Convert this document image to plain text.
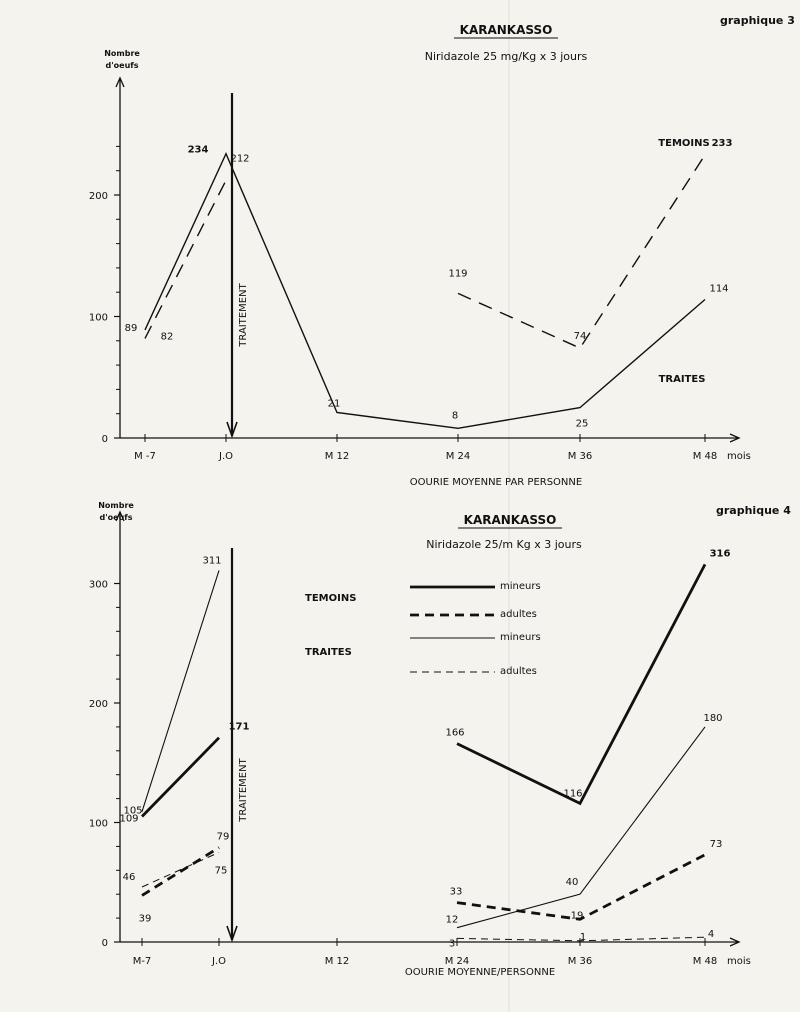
graphique 3
KARANKASSO
Niridazole 25 mg/Kg x 3 jours
Nombre
d'oeufs
0
100
200
M -7	J.O	M 12	M 24	M 36	M 48 mois
OOURIE MOYENNE PAR PERSONNE
TRAITEMENT
82
212
119
74
233
89
234
21
8
25
114
TEMOINS
TRAITES
graphique 4
KARANKASSO
Niridazole 25/m Kg x 3 jours
Nombre
d'oeufs
0
100
200
300
M-7	J.O	M 12	M 24	M 36	M 48 mois
OOURIE MOYENNE/PERSONNE
TRAITEMENT
105
171
166
116
316
39
79
33
19
73
109
311
12
40
180
46
75
3
1	4
TEMOINS
TRAITES
mineurs
adultes
mineurs
adultes
